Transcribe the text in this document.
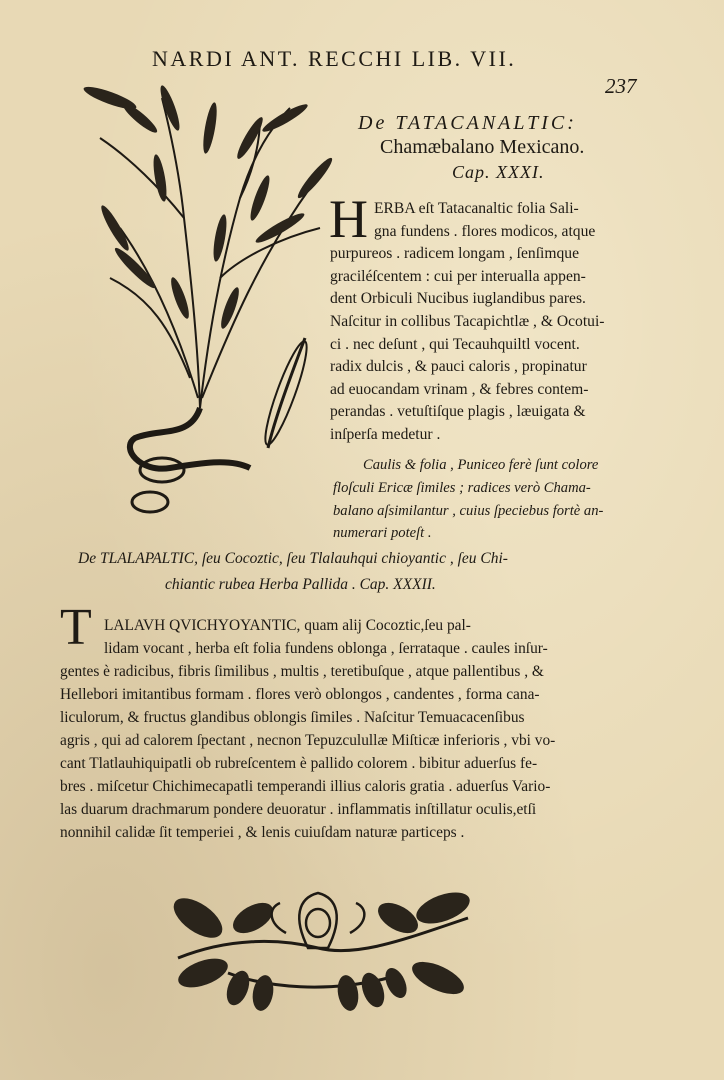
NARDI ANT. RECCHI LIB. VII.
237
De TATACANALTIC:
Chamæbalano Mexicano.
Cap. XXXI.
H ERBA eſt Tatacanaltic folia Sali-
gna fundens . flores modicos, atque
purpureos . radicem longam , ſenſimque
graciléſcentem : cui per interualla appen-
dent Orbiculi Nucibus iuglandibus pares.
Naſcitur in collibus Tacapichtlæ , & Ocotui-
ci . nec deſunt , qui Tecauhquiltl vocent.
radix dulcis , & pauci caloris , propinatur
ad euocandam vrinam , & febres contem-
perandas . vetuſtiſque plagis , læuigata &
inſperſa medetur .
Caulis & folia , Puniceo ferè ſunt colore
floſculi Ericæ ſimiles ; radices verò Chama-
balano aſsimilantur , cuius ſpeciebus fortè an-
numerari poteſt .
De TLALAPALTIC, ſeu Cocoztic, ſeu Tlalauhqui chioyantic , ſeu Chi-
chiantic rubea Herba Pallida . Cap. XXXII.
T LALAVH QVICHYOYANTIC, quam alij Cocoztic,ſeu pal-
lidam vocant , herba eſt folia fundens oblonga , ſerrataque . caules inſur-
gentes è radicibus, fibris ſimilibus , multis , teretibuſque , atque pallentibus , &
Hellebori imitantibus formam . flores verò oblongos , candentes , forma cana-
liculorum, & fructus glandibus oblongis ſimiles . Naſcitur Temuacacenſibus
agris , qui ad calorem ſpectant , necnon Tepuzculullæ Miſticæ inferioris , vbi vo-
cant Tlatlauhiquipatli ob rubreſcentem è pallido colorem . bibitur aduerſus fe-
bres . miſcetur Chichimecapatli temperandi illius caloris gratia . aduerſus Vario-
las duarum drachmarum pondere deuoratur . inflammatis inſtillatur oculis,etſi
nonnihil calidæ ſit temperiei , & lenis cuiuſdam naturæ particeps .
